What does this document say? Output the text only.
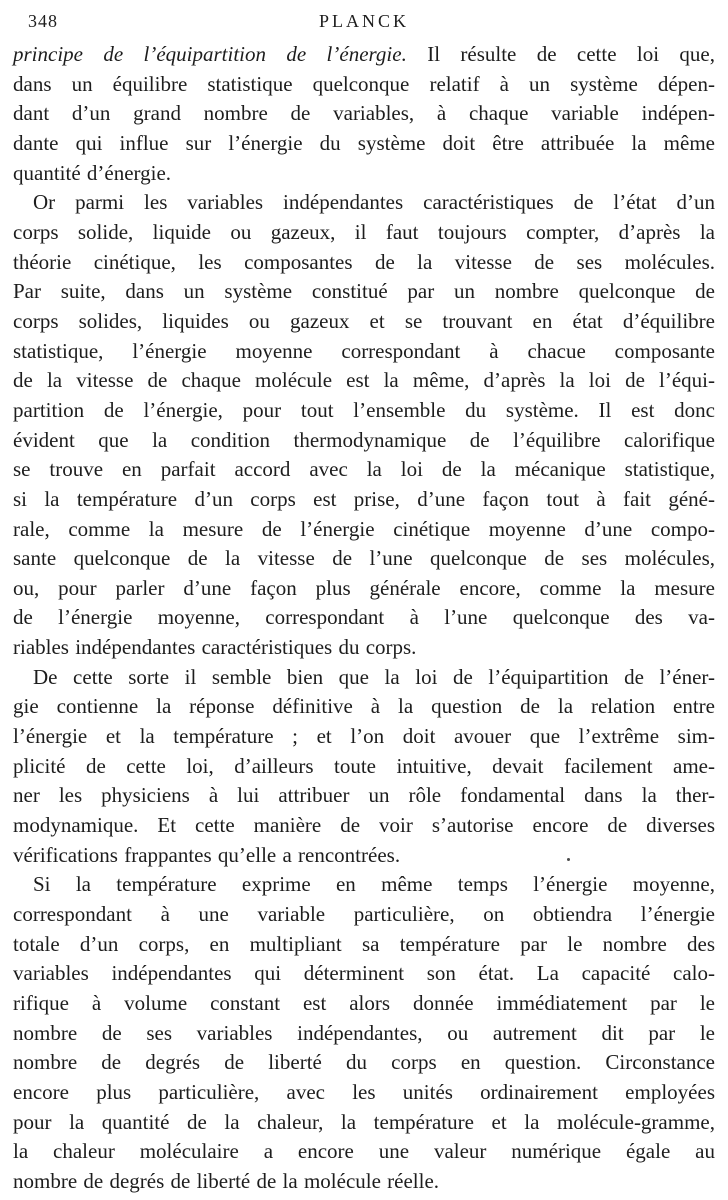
348	PLANCK
principe de l’équipartition de l’énergie. Il résulte de cette loi que,
dans un équilibre statistique quelconque relatif à un système dépen-
dant d’un grand nombre de variables, à chaque variable indépen-
dante qui influe sur l’énergie du système doit être attribuée la même
quantité d’énergie.
Or parmi les variables indépendantes caractéristiques de l’état d’un
corps solide, liquide ou gazeux, il faut toujours compter, d’après la
théorie cinétique, les composantes de la vitesse de ses molécules.
Par suite, dans un système constitué par un nombre quelconque de
corps solides, liquides ou gazeux et se trouvant en état d’équilibre
statistique, l’énergie moyenne correspondant à chacue composante
de la vitesse de chaque molécule est la même, d’après la loi de l’équi-
partition de l’énergie, pour tout l’ensemble du système. Il est donc
évident que la condition thermodynamique de l’équilibre calorifique
se trouve en parfait accord avec la loi de la mécanique statistique,
si la température d’un corps est prise, d’une façon tout à fait géné-
rale, comme la mesure de l’énergie cinétique moyenne d’une compo-
sante quelconque de la vitesse de l’une quelconque de ses molécules,
ou, pour parler d’une façon plus générale encore, comme la mesure
de l’énergie moyenne, correspondant à l’une quelconque des va-
riables indépendantes caractéristiques du corps.
De cette sorte il semble bien que la loi de l’équipartition de l’éner-
gie contienne la réponse définitive à la question de la relation entre
l’énergie et la température ; et l’on doit avouer que l’extrême sim-
plicité de cette loi, d’ailleurs toute intuitive, devait facilement ame-
ner les physiciens à lui attribuer un rôle fondamental dans la ther-
modynamique. Et cette manière de voir s’autorise encore de diverses
vérifications frappantes qu’elle a rencontrées.
Si la température exprime en même temps l’énergie moyenne,
correspondant à une variable particulière, on obtiendra l’énergie
totale d’un corps, en multipliant sa température par le nombre des
variables indépendantes qui déterminent son état. La capacité calo-
rifique à volume constant est alors donnée immédiatement par le
nombre de ses variables indépendantes, ou autrement dit par le
nombre de degrés de liberté du corps en question. Circonstance
encore plus particulière, avec les unités ordinairement employées
pour la quantité de la chaleur, la température et la molécule-gramme,
la chaleur moléculaire a encore une valeur numérique égale au
nombre de degrés de liberté de la molécule réelle.
